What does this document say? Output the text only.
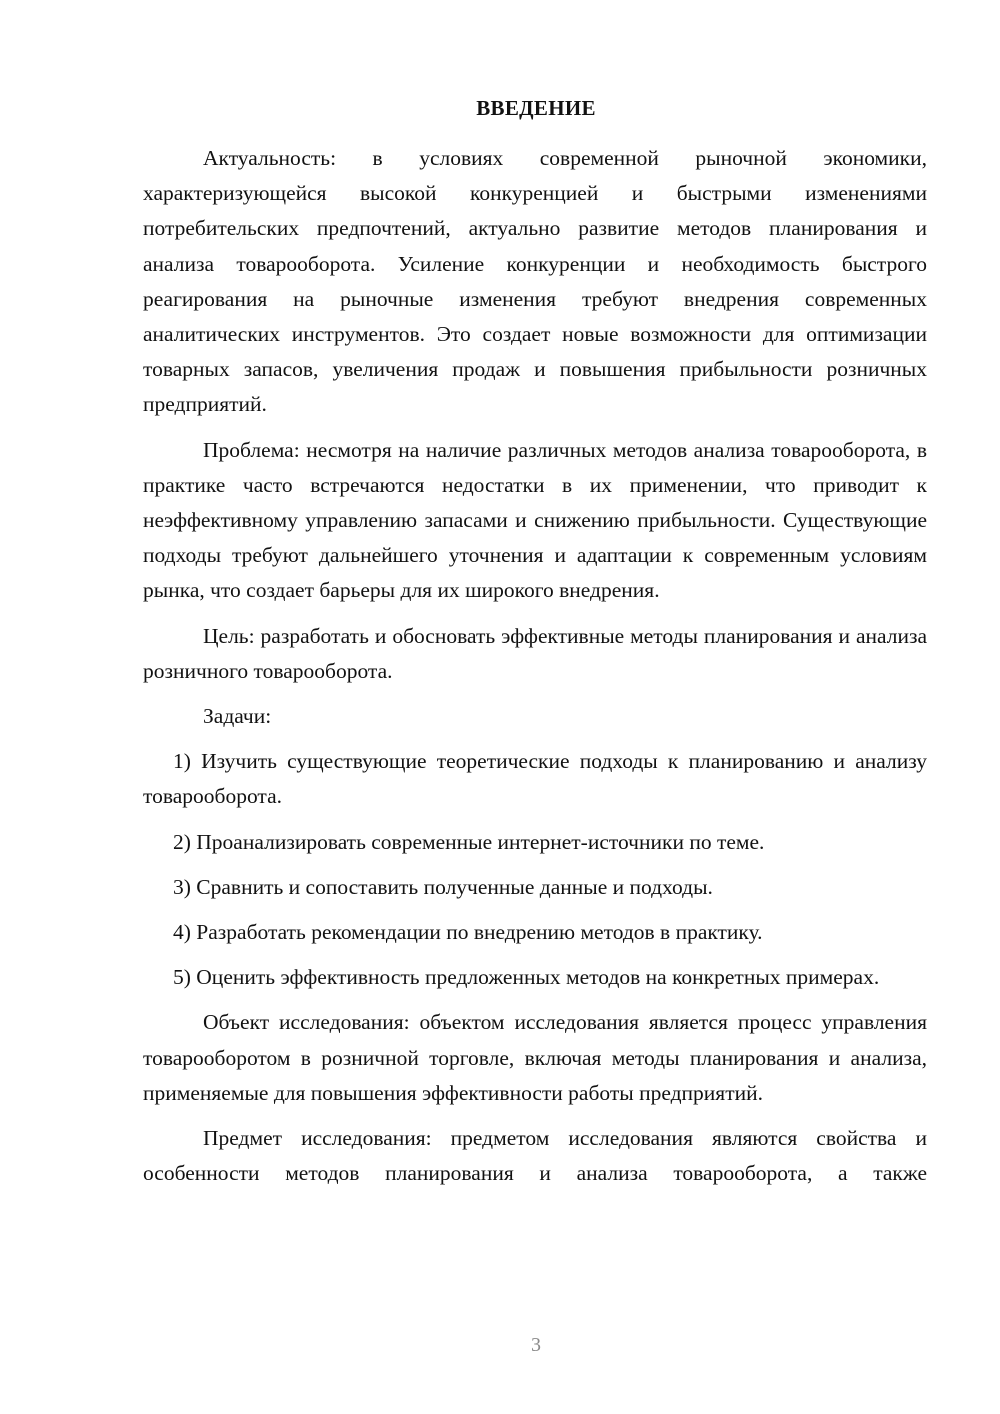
ВВЕДЕНИЕ

Актуальность: в условиях современной рыночной экономики, характеризующейся высокой конкуренцией и быстрыми изменениями потребительских предпочтений, актуально развитие методов планирования и анализа товарооборота. Усиление конкуренции и необходимость быстрого реагирования на рыночные изменения требуют внедрения современных аналитических инструментов. Это создает новые возможности для оптимизации товарных запасов, увеличения продаж и повышения прибыльности розничных предприятий.

Проблема: несмотря на наличие различных методов анализа товарооборота, в практике часто встречаются недостатки в их применении, что приводит к неэффективному управлению запасами и снижению прибыльности. Существующие подходы требуют дальнейшего уточнения и адаптации к современным условиям рынка, что создает барьеры для их широкого внедрения.

Цель: разработать и обосновать эффективные методы планирования и анализа розничного товарооборота.

Задачи:

1) Изучить существующие теоретические подходы к планированию и анализу товарооборота.

2) Проанализировать современные интернет-источники по теме.

3) Сравнить и сопоставить полученные данные и подходы.

4) Разработать рекомендации по внедрению методов в практику.

5) Оценить эффективность предложенных методов на конкретных примерах.

Объект исследования: объектом исследования является процесс управления товарооборотом в розничной торговле, включая методы планирования и анализа, применяемые для повышения эффективности работы предприятий.

Предмет исследования: предметом исследования являются свойства и особенности методов планирования и анализа товарооборота, а также

3
